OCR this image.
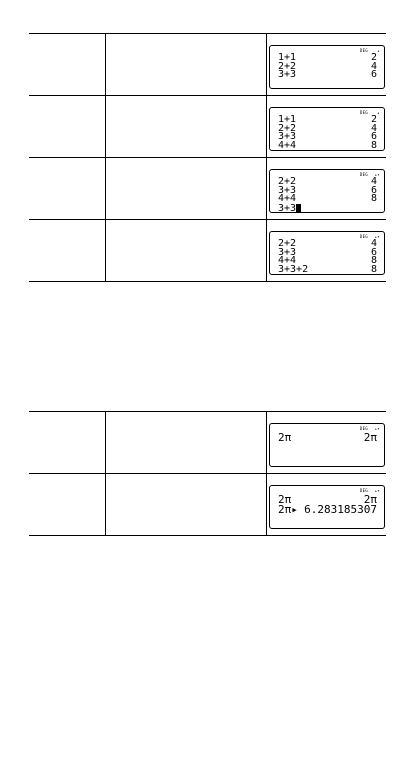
DEG ▴
1+1	2
2+2	4
3+3	6
DEG ▴
1+1	2
2+2	4
3+3	6
4+4	8
DEG ▴▾
2+2	4
3+3	6
4+4	8
3+3
DEG ▴▾
2+2	4
3+3	6
4+4	8
3+3+2	8
DEG ▴▾
2π	2π
DEG ▴▾
2π	2π
2π▸ 6.283185307
